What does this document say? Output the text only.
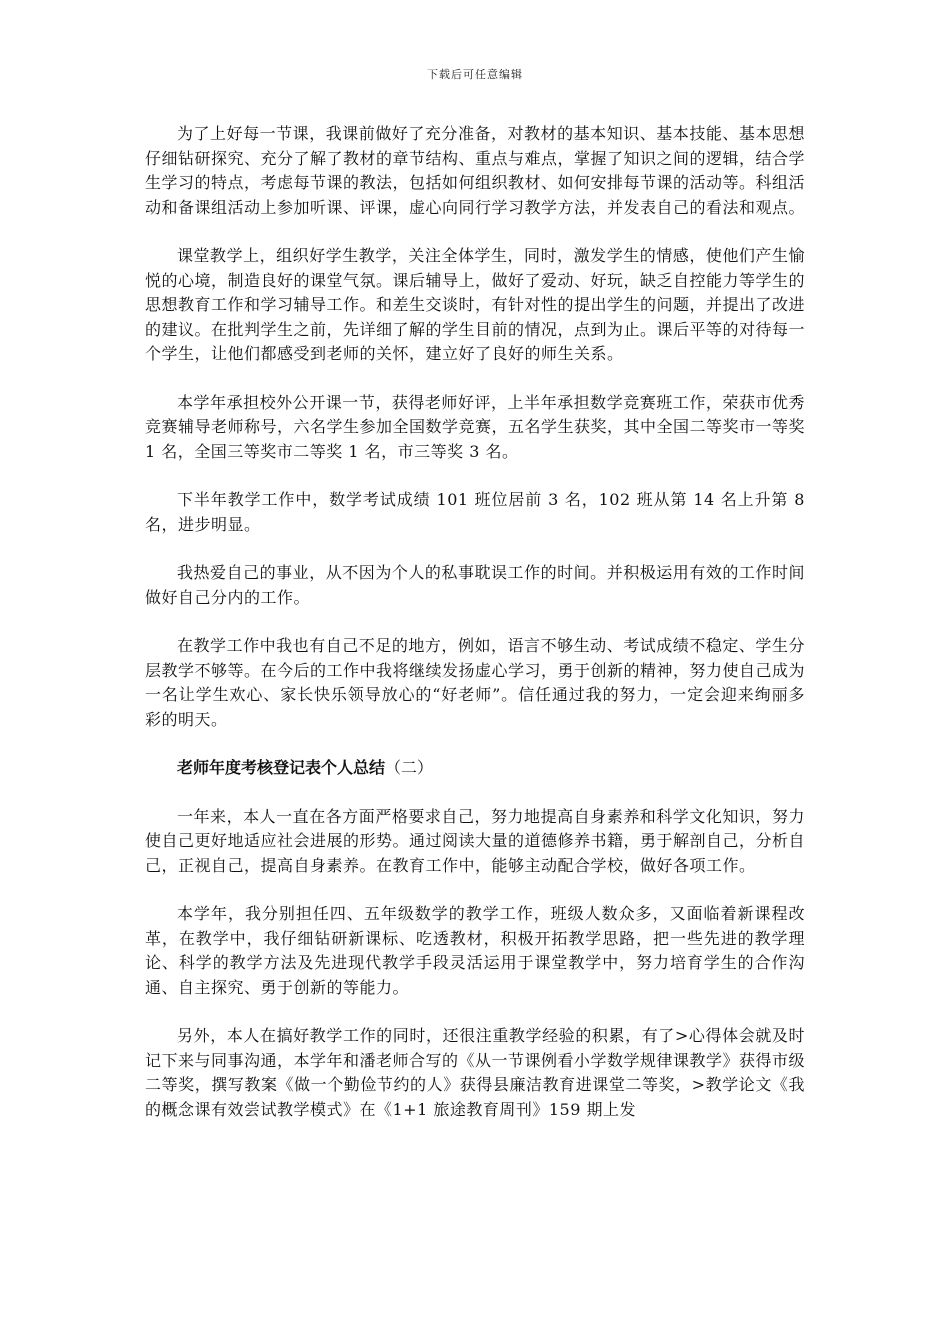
下载后可任意编辑

为了上好每一节课，我课前做好了充分准备，对教材的基本知识、基本技能、基本思想仔细钻研探究、充分了解了教材的章节结构、重点与难点，掌握了知识之间的逻辑，结合学生学习的特点，考虑每节课的教法，包括如何组织教材、如何安排每节课的活动等。科组活动和备课组活动上参加听课、评课，虚心向同行学习教学方法，并发表自己的看法和观点。

课堂教学上，组织好学生教学，关注全体学生，同时，激发学生的情感，使他们产生愉悦的心境，制造良好的课堂气氛。课后辅导上，做好了爱动、好玩，缺乏自控能力等学生的思想教育工作和学习辅导工作。和差生交谈时，有针对性的提出学生的问题，并提出了改进的建议。在批判学生之前，先详细了解的学生目前的情况，点到为止。课后平等的对待每一个学生，让他们都感受到老师的关怀，建立好了良好的师生关系。

本学年承担校外公开课一节，获得老师好评，上半年承担数学竞赛班工作，荣获市优秀竞赛辅导老师称号，六名学生参加全国数学竞赛，五名学生获奖，其中全国二等奖市一等奖 1 名，全国三等奖市二等奖 1 名，市三等奖 3 名。

下半年教学工作中，数学考试成绩 101 班位居前 3 名，102 班从第 14 名上升第 8 名，进步明显。

我热爱自己的事业，从不因为个人的私事耽误工作的时间。并积极运用有效的工作时间做好自己分内的工作。

在教学工作中我也有自己不足的地方，例如，语言不够生动、考试成绩不稳定、学生分层教学不够等。在今后的工作中我将继续发扬虚心学习，勇于创新的精神，努力使自己成为一名让学生欢心、家长快乐领导放心的“好老师”。信任通过我的努力，一定会迎来绚丽多彩的明天。

老师年度考核登记表个人总结（二）

一年来，本人一直在各方面严格要求自己，努力地提高自身素养和科学文化知识，努力使自己更好地适应社会进展的形势。通过阅读大量的道德修养书籍，勇于解剖自己，分析自己，正视自己，提高自身素养。在教育工作中，能够主动配合学校，做好各项工作。

本学年，我分别担任四、五年级数学的教学工作，班级人数众多，又面临着新课程改革，在教学中，我仔细钻研新课标、吃透教材，积极开拓教学思路，把一些先进的教学理论、科学的教学方法及先进现代教学手段灵活运用于课堂教学中，努力培育学生的合作沟通、自主探究、勇于创新的等能力。

另外，本人在搞好教学工作的同时，还很注重教学经验的积累，有了>心得体会就及时记下来与同事沟通，本学年和潘老师合写的《从一节课例看小学数学规律课教学》获得市级二等奖，撰写教案《做一个勤俭节约的人》获得县廉洁教育进课堂二等奖，>教学论文《我的概念课有效尝试教学模式》在《1+1 旅途教育周刊》159 期上发
